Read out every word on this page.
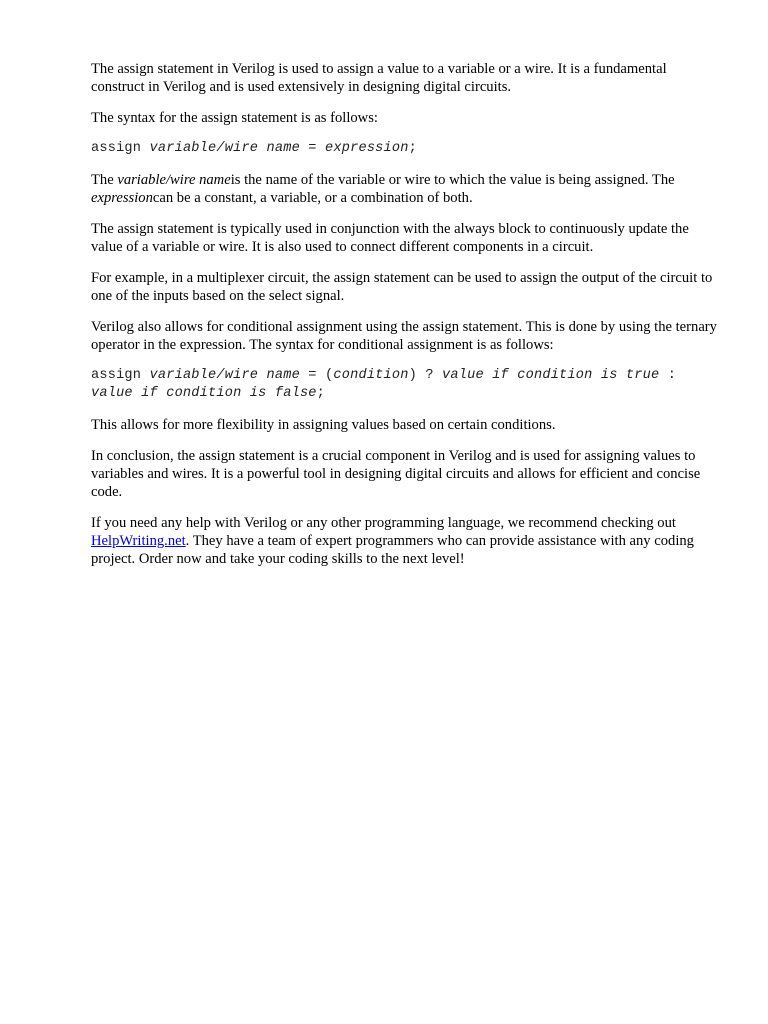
The assign statement in Verilog is used to assign a value to a variable or a wire. It is a fundamental construct in Verilog and is used extensively in designing digital circuits.

The syntax for the assign statement is as follows:

assign variable/wire name = expression;

The variable/wire nameis the name of the variable or wire to which the value is being assigned. The expressioncan be a constant, a variable, or a combination of both.

The assign statement is typically used in conjunction with the always block to continuously update the value of a variable or wire. It is also used to connect different components in a circuit.

For example, in a multiplexer circuit, the assign statement can be used to assign the output of the circuit to one of the inputs based on the select signal.

Verilog also allows for conditional assignment using the assign statement. This is done by using the ternary operator in the expression. The syntax for conditional assignment is as follows:

assign variable/wire name = (condition) ? value if condition is true : value if condition is false;

This allows for more flexibility in assigning values based on certain conditions.

In conclusion, the assign statement is a crucial component in Verilog and is used for assigning values to variables and wires. It is a powerful tool in designing digital circuits and allows for efficient and concise code.

If you need any help with Verilog or any other programming language, we recommend checking out HelpWriting.net. They have a team of expert programmers who can provide assistance with any coding project. Order now and take your coding skills to the next level!
